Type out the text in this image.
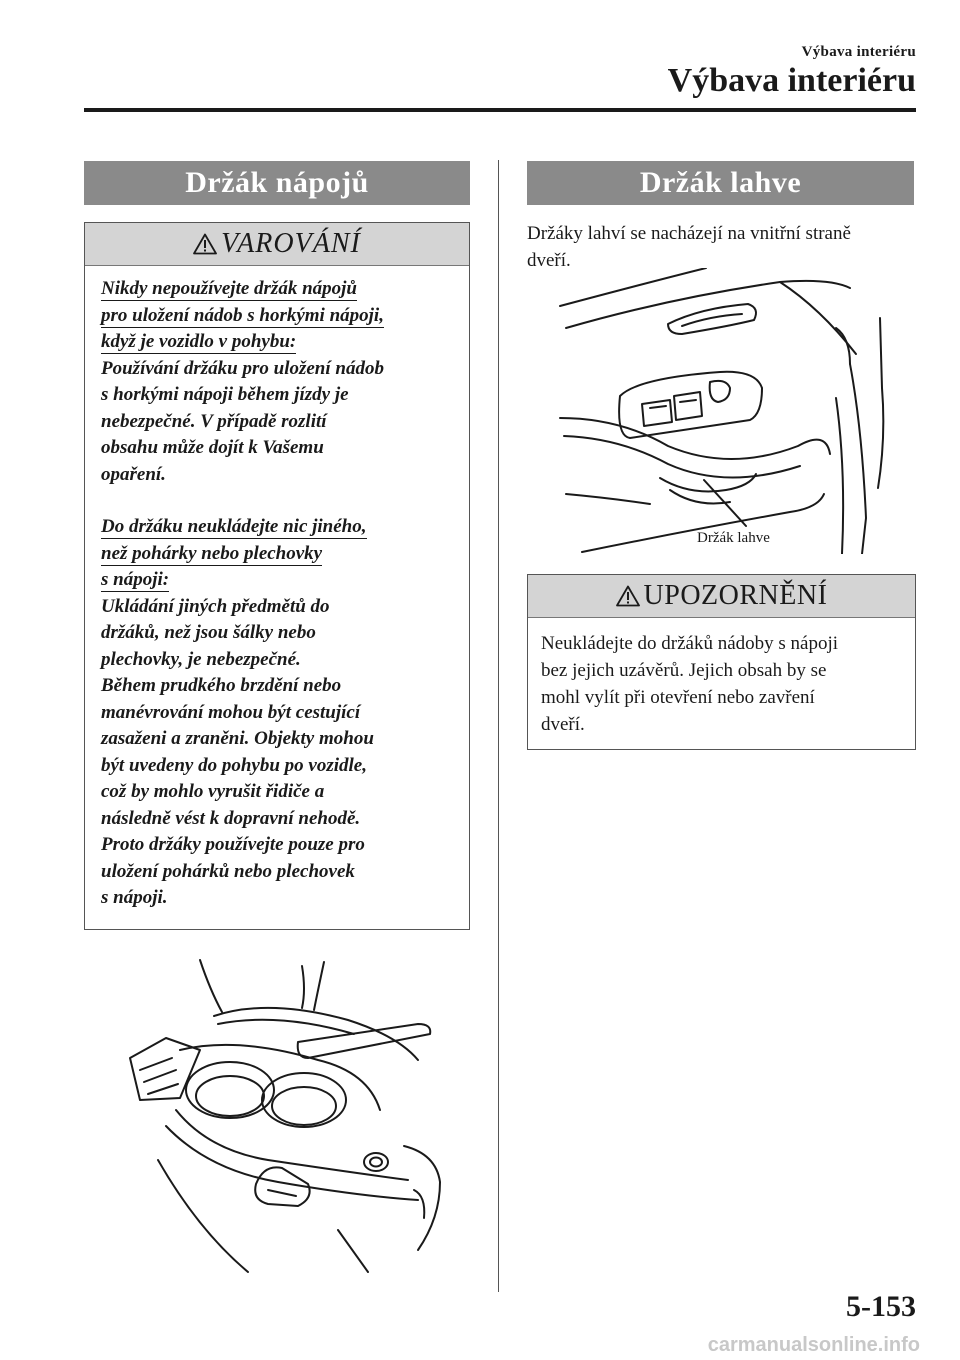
Výbava interiéru
Výbava interiéru
Držák nápojů
VAROVÁNÍ

Nikdy nepoužívejte držák nápojů
pro uložení nádob s horkými nápoji,
když je vozidlo v pohybu:

Používání držáku pro uložení nádob
s horkými nápoji během jízdy je
nebezpečné. V případě rozlití
obsahu může dojít k Vašemu
opaření.

Do držáku neukládejte nic jiného,
než pohárky nebo plechovky
s nápoji:

Ukládání jiných předmětů do
držáků, než jsou šálky nebo
plechovky, je nebezpečné.
Během prudkého brzdění nebo
manévrování mohou být cestující
zasaženi a zraněni. Objekty mohou
být uvedeny do pohybu po vozidle,
což by mohlo vyrušit řidiče a
následně vést k dopravní nehodě.
Proto držáky používejte pouze pro
uložení pohárků nebo plechovek
s nápoji.

Držák lahve
Držáky lahví se nacházejí na vnitřní straně
dveří.
Držák lahve
UPOZORNĚNÍ
Neukládejte do držáků nádoby s nápoji
bez jejich uzávěrů. Jejich obsah by se
mohl vylít při otevření nebo zavření
dveří.
5-153
carmanualsonline.info
